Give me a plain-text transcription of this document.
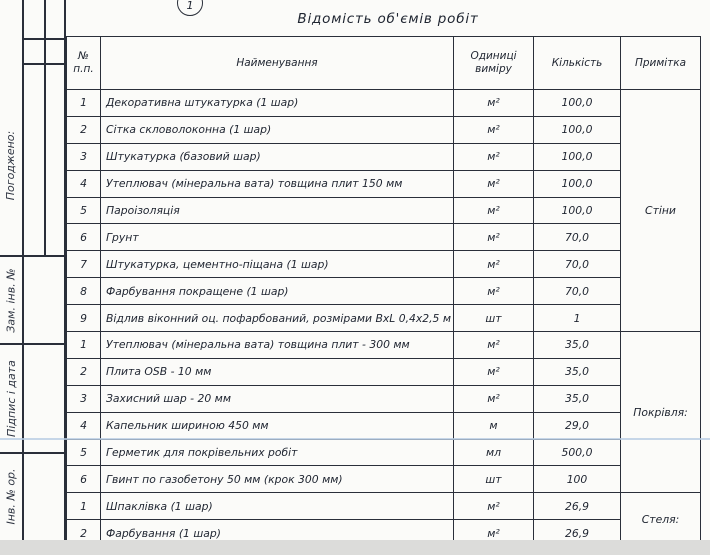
Погоджено:
Зам. інв. №
Підпис і дата
Інв. № ор.
1
Відомість об'ємів робіт
№ п.п.	Найменування	Одиниці виміру	Кількість	Примітка
1	Декоративна штукатурка (1 шар)	м²	100,0	Стіни
2	Сітка скловолоконна (1 шар)	м²	100,0	
3	Штукатурка (базовий шар)	м²	100,0	
4	Утеплювач (мінеральна вата) товщина плит 150 мм	м²	100,0	
5	Пароізоляція	м²	100,0	
6	Грунт	м²	70,0	
7	Штукатурка, цементно-піщана (1 шар)	м²	70,0	
8	Фарбування покращене (1 шар)	м²	70,0	
9	Відлив віконний оц. пофарбований, розмірами BxL 0,4х2,5 м	шт	1	
1	Утеплювач (мінеральна вата) товщина плит - 300 мм	м²	35,0	Покрівля:
2	Плита OSB - 10 мм	м²	35,0	
3	Захисний шар - 20 мм	м²	35,0	
4	Капельник шириною 450 мм	м	29,0	
5	Герметик для покрівельних робіт	мл	500,0	
6	Гвинт по газобетону 50 мм (крок 300 мм)	шт	100	
1	Шпаклівка (1 шар)	м²	26,9	Стеля:
2	Фарбування (1 шар)	м²	26,9	
